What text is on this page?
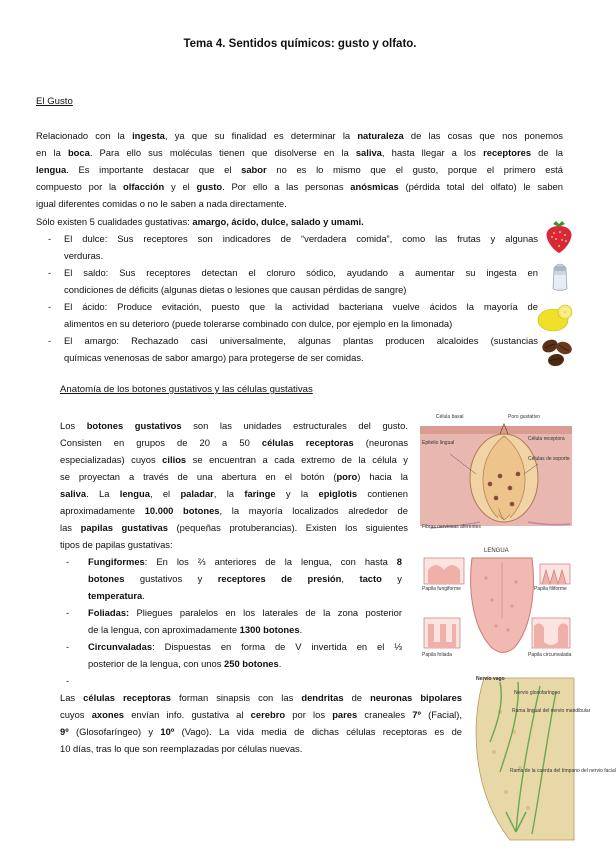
Tema 4. Sentidos químicos: gusto y olfato.
El Gusto
Relacionado con la ingesta, ya que su finalidad es determinar la naturaleza de las cosas que nos ponemos
en la boca. Para ello sus moléculas tienen que disolverse en la saliva, hasta llegar a los receptores de la
lengua. Es importante destacar que el sabor no es lo mismo que el gusto, porque el primero está
compuesto por la olfacción y el gusto. Por ello a las personas anósmicas (pérdida total del olfato) le saben
igual diferentes comidas o no le saben a nada directamente.
Sólo existen 5 cualidades gustativas: amargo, ácido, dulce, salado y umami.
- El dulce: Sus receptores son indicadores de “verdadera comida”, como las frutas y algunas
verduras.
- El saldo: Sus receptores detectan el cloruro sódico, ayudando a aumentar su ingesta en
condiciones de déficits (algunas dietas o lesiones que causan pérdidas de sangre)
- El ácido: Produce evitación, puesto que la actividad bacteriana vuelve ácidos la mayoría de
alimentos en su deterioro (puede tolerarse combinado con dulce, por ejemplo en la limonada)
- El amargo: Rechazado casi universalmente, algunas plantas producen alcaloides (sustancias
químicas venenosas de sabor amargo) para protegerse de ser comidas.
Anatomía de los botones gustativos y las células gustativas
Los botones gustativos son las unidades estructurales del gusto.
Consisten en grupos de 20 a 50 células receptoras (neuronas
especializadas) cuyos cilios se encuentran a cada extremo de la célula y
se proyectan a través de una abertura en el botón (poro) hacia la
saliva. La lengua, el paladar, la faringe y la epiglotis contienen
aproximadamente 10.000 botones, la mayoría localizados alrededor de
las papilas gustativas (pequeñas protuberancias). Existen los siguientes
tipos de papilas gustativas:
- Fungiformes: En los ⅔ anteriores de la lengua, con hasta 8
botones gustativos y receptores de presión, tacto y
temperatura.
- Foliadas: Pliegues paralelos en los laterales de la zona posterior
de la lengua, con aproximadamente 1300 botones.
- Circunvaladas: Dispuestas en forma de V invertida en el ⅓
posterior de la lengua, con unos 250 botones.
-
Las células receptoras forman sinapsis con las dendritas de neuronas bipolares
cuyos axones envían info. gustativa al cerebro por los pares craneales 7º (Facial),
9º (Glosofaríngeo) y 10º (Vago). La vida media de dichas células receptoras es de
10 días, tras lo que son reemplazadas por células nuevas.
Célula basal	Poro gustativo
Epitelio lingual
Célula receptora
Células de soporte
Fibras nerviosas aferentes
LENGUA
Papila fungiforme	Papila filiforme
Papila foliada	Papila circunvalada
Nervio vago
Nervio glosofaríngeo
Rama lingual del nervio mandibular
Rama de la cuerda del tímpano del nervio facial
